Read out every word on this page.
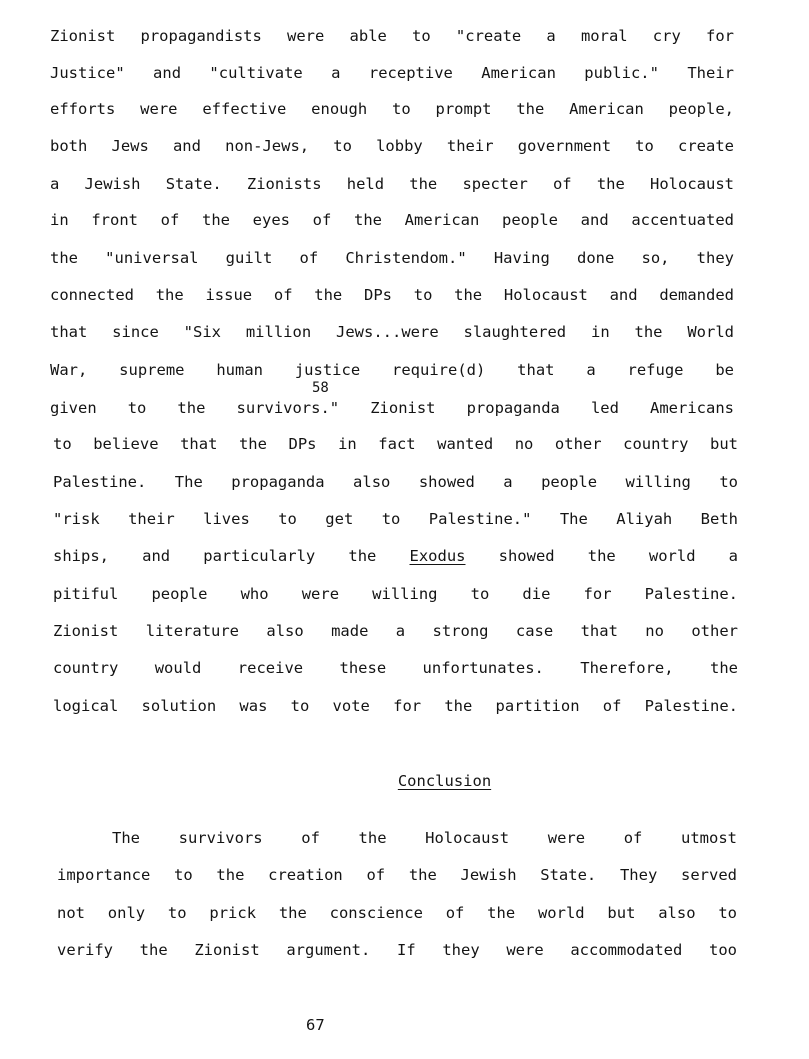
Zionist propagandists were able to "create a moral cry for
Justice" and "cultivate a receptive American public." Their
efforts were effective enough to prompt the American people,
both Jews and non-Jews, to lobby their government to create
a Jewish State. Zionists held the specter of the Holocaust
in front of the eyes of the American people and accentuated
the "universal guilt of Christendom." Having done so, they
connected the issue of the DPs to the Holocaust and demanded
that since "Six million Jews...were slaughtered in the World
War, supreme human justice require(d) that a refuge be
58
given to the survivors." Zionist propaganda led Americans
to believe that the DPs in fact wanted no other country but
Palestine. The propaganda also showed a people willing to
"risk their lives to get to Palestine." The Aliyah Beth
ships, and particularly the Exodus showed the world a
pitiful people who were willing to die for Palestine.
Zionist literature also made a strong case that no other
country would receive these unfortunates. Therefore, the
logical solution was to vote for the partition of Palestine.
Conclusion
The survivors of the Holocaust were of utmost
importance to the creation of the Jewish State. They served
not only to prick the conscience of the world but also to
verify the Zionist argument. If they were accommodated too
67
